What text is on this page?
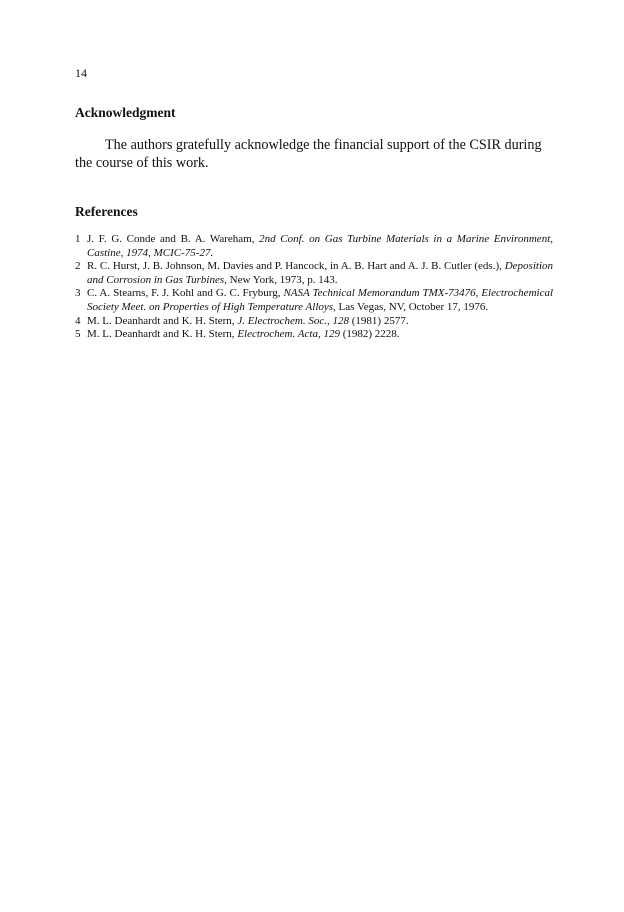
14
Acknowledgment

The authors gratefully acknowledge the financial support of the CSIR during the course of this work.

References
1 J. F. G. Conde and B. A. Wareham, 2nd Conf. on Gas Turbine Materials in a Marine Environment, Castine, 1974, MCIC-75-27.
2 R. C. Hurst, J. B. Johnson, M. Davies and P. Hancock, in A. B. Hart and A. J. B. Cutler (eds.), Deposition and Corrosion in Gas Turbines, New York, 1973, p. 143.
3 C. A. Stearns, F. J. Kohl and G. C. Fryburg, NASA Technical Memorandum TMX-73476, Electrochemical Society Meet. on Properties of High Temperature Alloys, Las Vegas, NV, October 17, 1976.
4 M. L. Deanhardt and K. H. Stern, J. Electrochem. Soc., 128 (1981) 2577.
5 M. L. Deanhardt and K. H. Stern, Electrochem. Acta, 129 (1982) 2228.
